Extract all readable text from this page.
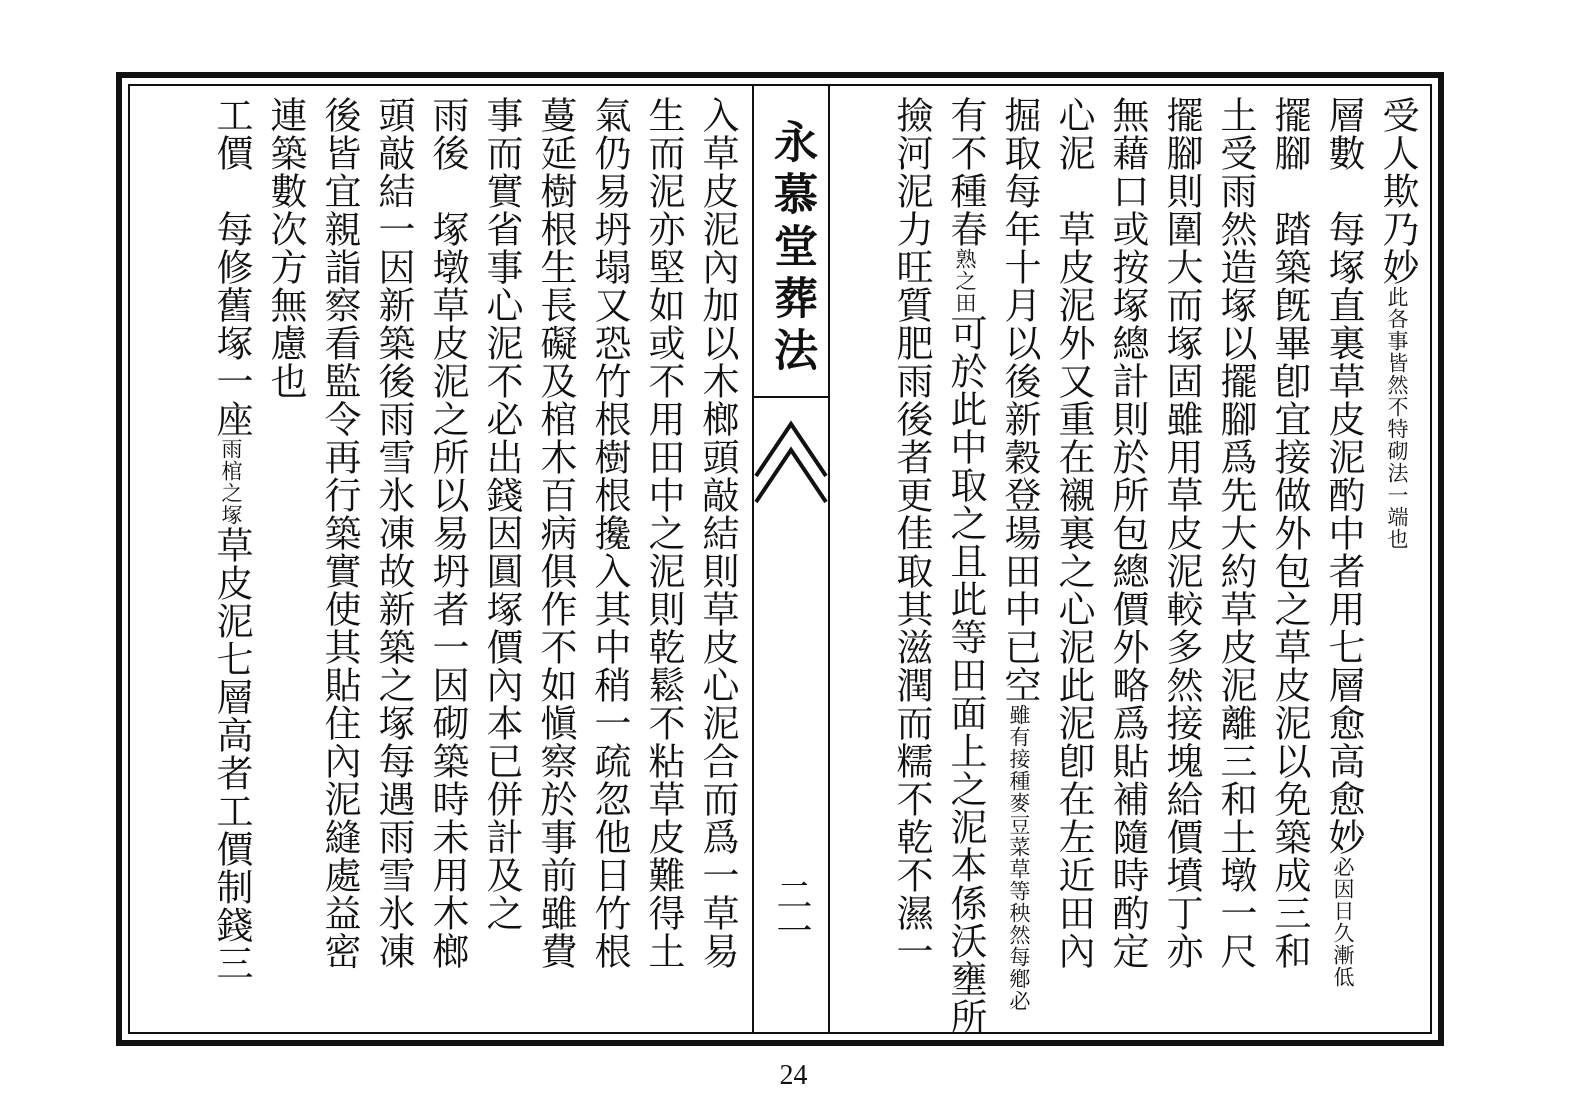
受人欺乃妙此各事皆然不特砌法一端也
層數　每塚直裏草皮泥酌中者用七層愈高愈妙必因日久漸低
擺腳　踏築旣畢卽宜接做外包之草皮泥以免築成三和
土受雨然造塚以擺腳爲先大約草皮泥離三和土墩一尺
擺腳則圍大而塚固雖用草皮泥較多然接塊給價墳丁亦
無藉口或按塚總計則於所包總價外略爲貼補隨時酌定
心泥　草皮泥外又重在襯裏之心泥此泥卽在左近田內
掘取每年十月以後新穀登場田中已空雖有接種麥豆菜草等秧然每鄕必
有不種春熟之田可於此中取之且此等田面上之泥本係沃壅所
撿河泥力旺質肥雨後者更佳取其滋潤而糯不乾不濕一
永慕堂葬法
二一
入草皮泥內加以木榔頭敲結則草皮心泥合而爲一草易
生而泥亦堅如或不用田中之泥則乾鬆不粘草皮難得土
氣仍易坍塌又恐竹根樹根攙入其中稍一疏忽他日竹根
蔓延樹根生長礙及棺木百病俱作不如愼察於事前雖費
事而實省事心泥不必出錢因圓塚價內本已併計及之
雨後　塚墩草皮泥之所以易坍者一因砌築時未用木榔
頭敲結一因新築後雨雪氷凍故新築之塚每遇雨雪氷凍
後皆宜親詣察看監令再行築實使其貼住內泥縫處益密
連築數次方無慮也
工價　每修舊塚一座雨棺之塚草皮泥七層高者工價制錢三
24
